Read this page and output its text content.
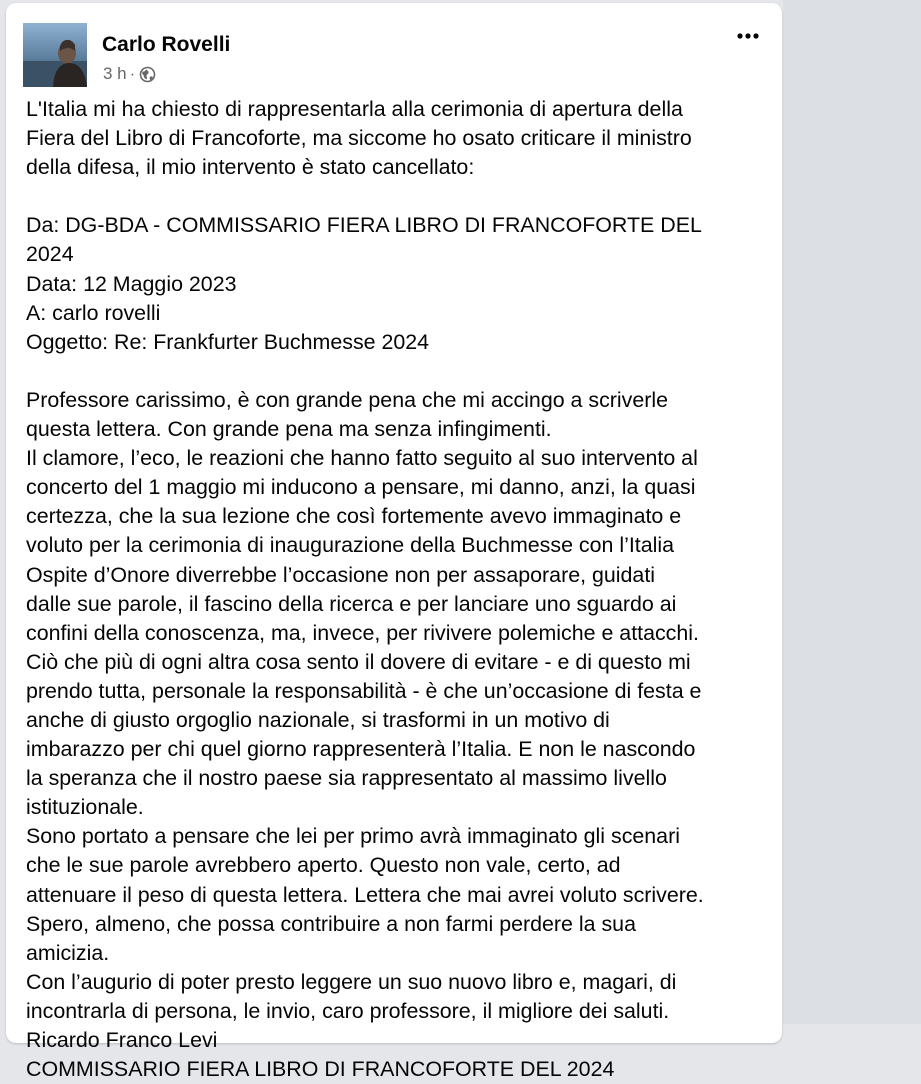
Carlo Rovelli
3 h ·
L'Italia mi ha chiesto di rappresentarla alla cerimonia di apertura della
Fiera del Libro di Francoforte, ma siccome ho osato criticare il ministro
della difesa, il mio intervento è stato cancellato:
Da: DG-BDA - COMMISSARIO FIERA LIBRO DI FRANCOFORTE DEL
2024
Data: 12 Maggio 2023
A: carlo rovelli
Oggetto: Re: Frankfurter Buchmesse 2024
Professore carissimo, è con grande pena che mi accingo a scriverle
questa lettera. Con grande pena ma senza infingimenti.
Il clamore, l’eco, le reazioni che hanno fatto seguito al suo intervento al
concerto del 1 maggio mi inducono a pensare, mi danno, anzi, la quasi
certezza, che la sua lezione che così fortemente avevo immaginato e
voluto per la cerimonia di inaugurazione della Buchmesse con l’Italia
Ospite d’Onore diverrebbe l’occasione non per assaporare, guidati
dalle sue parole, il fascino della ricerca e per lanciare uno sguardo ai
confini della conoscenza, ma, invece, per rivivere polemiche e attacchi.
Ciò che più di ogni altra cosa sento il dovere di evitare - e di questo mi
prendo tutta, personale la responsabilità - è che un’occasione di festa e
anche di giusto orgoglio nazionale, si trasformi in un motivo di
imbarazzo per chi quel giorno rappresenterà l’Italia. E non le nascondo
la speranza che il nostro paese sia rappresentato al massimo livello
istituzionale.
Sono portato a pensare che lei per primo avrà immaginato gli scenari
che le sue parole avrebbero aperto. Questo non vale, certo, ad
attenuare il peso di questa lettera. Lettera che mai avrei voluto scrivere.
Spero, almeno, che possa contribuire a non farmi perdere la sua
amicizia.
Con l’augurio di poter presto leggere un suo nuovo libro e, magari, di
incontrarla di persona, le invio, caro professore, il migliore dei saluti.
Ricardo Franco Levi
COMMISSARIO FIERA LIBRO DI FRANCOFORTE DEL 2024
